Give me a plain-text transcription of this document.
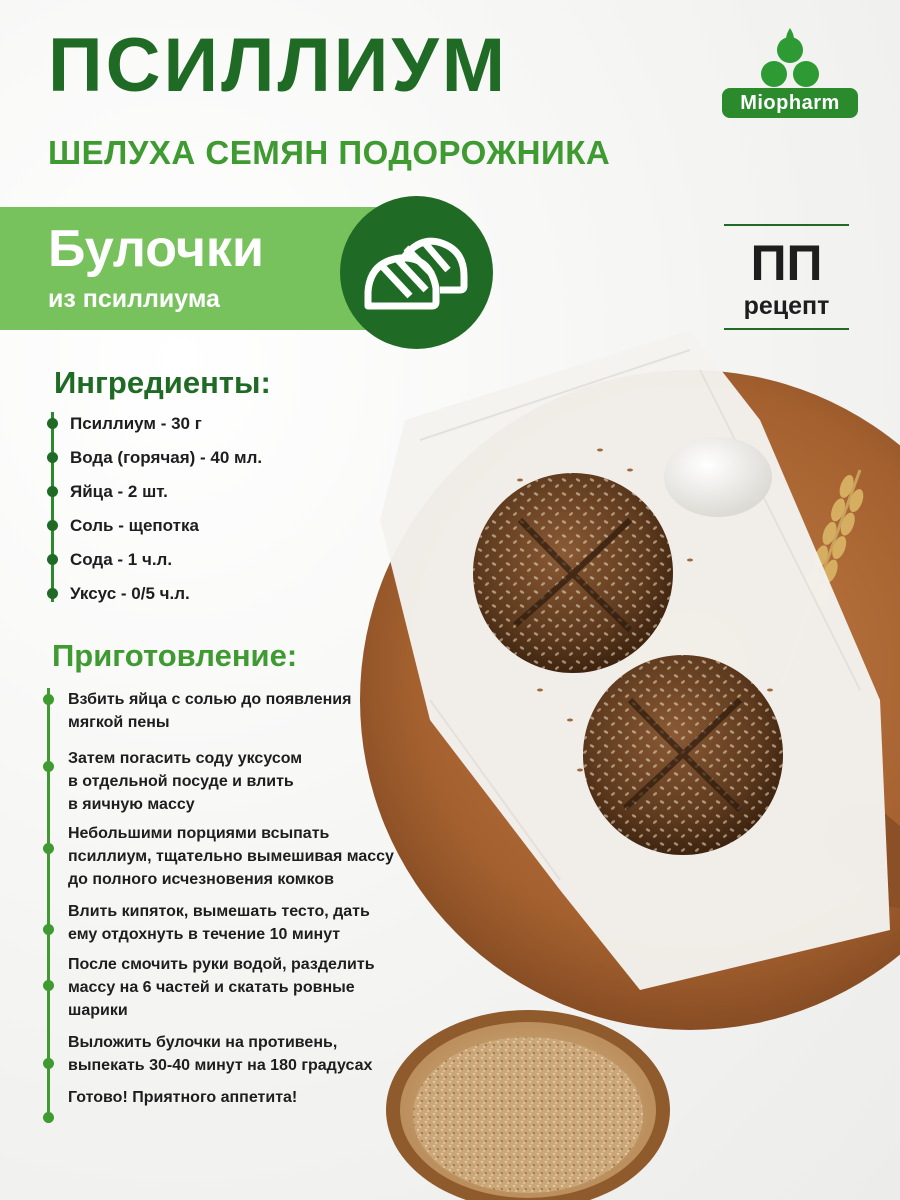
ПСИЛЛИУМ
ШЕЛУХА СЕМЯН ПОДОРОЖНИКА
Miopharm
Булочки
из псиллиума
ПП
рецепт
Ингредиенты:
Псиллиум - 30 г
Вода (горячая) - 40 мл.
Яйца - 2 шт.
Соль - щепотка
Сода - 1 ч.л.
Уксус - 0/5 ч.л.
Приготовление:
Взбить яйца с солью до появления
мягкой пены
Затем погасить соду уксусом
в отдельной посуде и влить
в яичную массу
Небольшими порциями всыпать
псиллиум, тщательно вымешивая массу
до полного исчезновения комков
Влить кипяток, вымешать тесто, дать
ему отдохнуть в течение 10 минут
После смочить руки водой, разделить
массу на 6 частей и скатать ровные
шарики
Выложить булочки на противень,
выпекать 30-40 минут на 180 градусах
Готово! Приятного аппетита!
